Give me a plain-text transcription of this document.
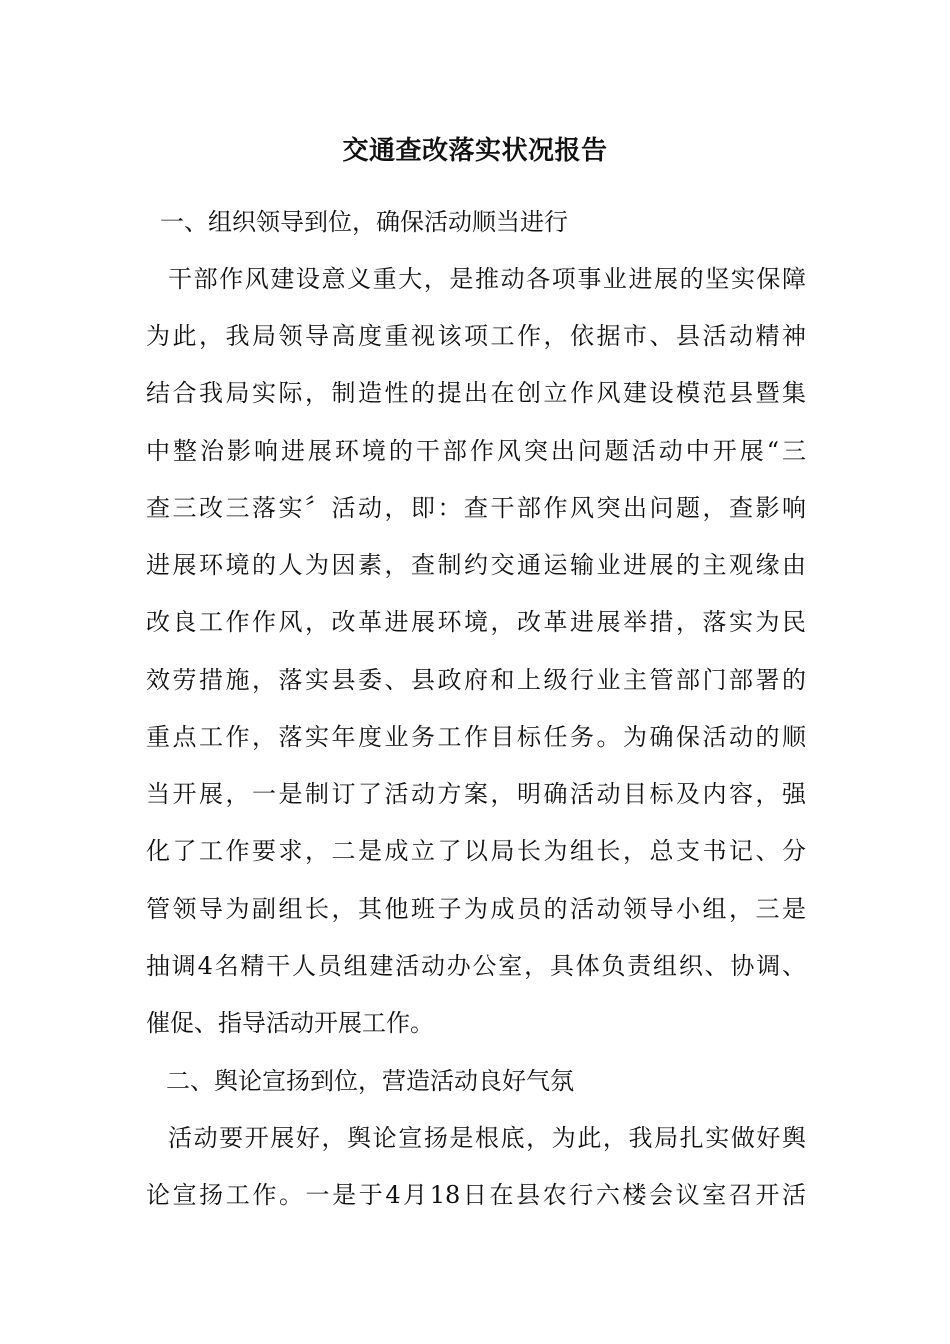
交通查改落实状况报告
一、组织领导到位，确保活动顺当进行
干部作风建设意义重大，是推动各项事业进展的坚实保障
为此，我局领导高度重视该项工作，依据市、县活动精神
结合我局实际，制造性的提出在创立作风建设模范县暨集
中整治影响进展环境的干部作风突出问题活动中开展“三
查三改三落实〞活动，即：查干部作风突出问题，查影响
进展环境的人为因素，查制约交通运输业进展的主观缘由
改良工作作风，改革进展环境，改革进展举措，落实为民
效劳措施，落实县委、县政府和上级行业主管部门部署的
重点工作，落实年度业务工作目标任务。为确保活动的顺
当开展，一是制订了活动方案，明确活动目标及内容，强
化了工作要求，二是成立了以局长为组长，总支书记、分
管领导为副组长，其他班子为成员的活动领导小组，三是
抽调4名精干人员组建活动办公室，具体负责组织、协调、
催促、指导活动开展工作。
二、舆论宣扬到位，营造活动良好气氛
活动要开展好，舆论宣扬是根底，为此，我局扎实做好舆
论宣扬工作。一是于4月18日在县农行六楼会议室召开活
